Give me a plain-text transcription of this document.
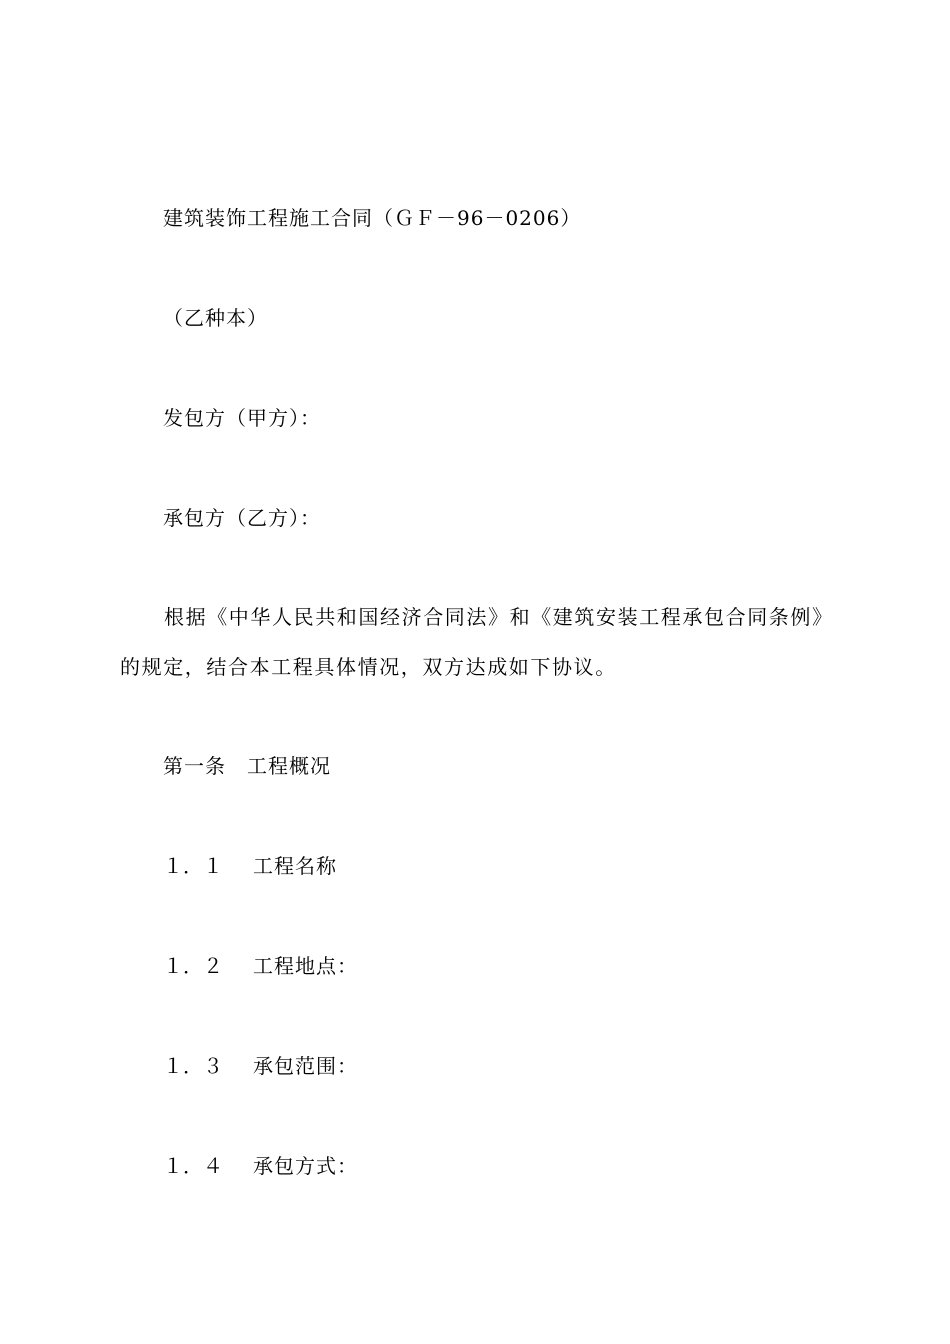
建筑装饰工程施工合同（ＧＦ－96－0206）
（乙种本）
发包方（甲方）：
承包方（乙方）：
根据《中华人民共和国经济合同法》和《建筑安装工程承包合同条例》的规定，结合本工程具体情况，双方达成如下协议。
第一条　工程概况
１．１ 工程名称
１．２ 工程地点：
１．３ 承包范围：
１．４ 承包方式：
